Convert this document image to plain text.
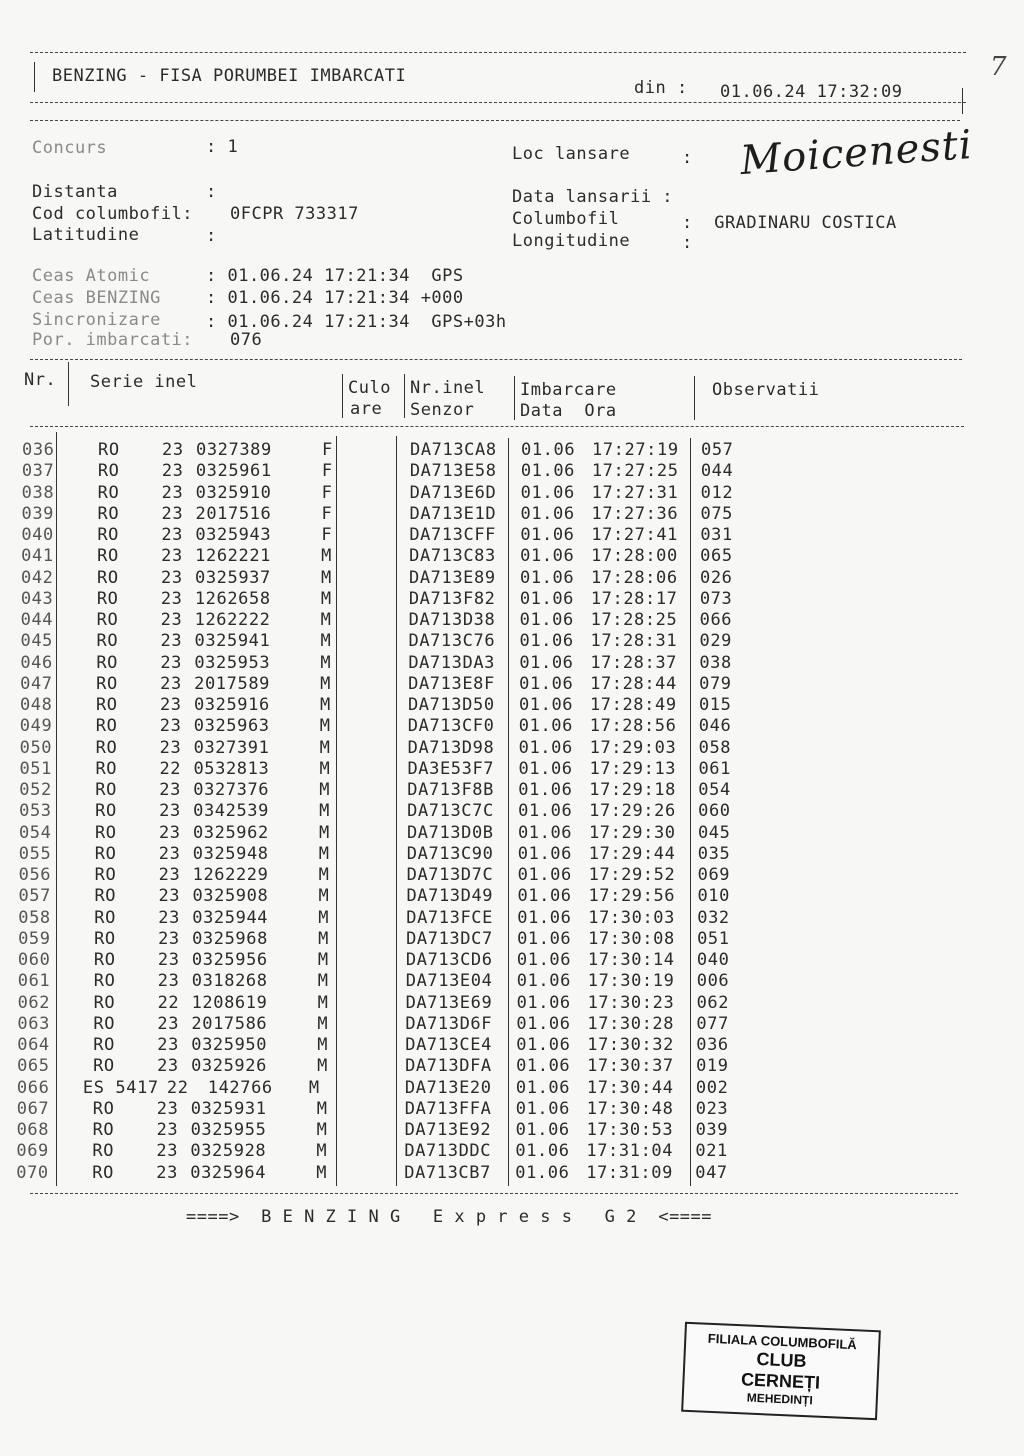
BENZING - FISA PORUMBEI IMBARCATI
din : 01.06.24 17:32:09
7
Concurs	: 1	Loc lansare	: Moicenesti
Distanta	:	Data lansarii :
Cod columbofil: 0FCPR 733317	Columbofil	:  GRADINARU COSTICA
Latitudine	:	Longitudine	:
Ceas Atomic	: 01.06.24 17:21:34  GPS
Ceas BENZING	: 01.06.24 17:21:34 +000
Sincronizare	: 01.06.24 17:21:34  GPS+03h
Por. imbarcati: 076
Nr. Serie inel	Culo
are
Nr.inel
Senzor
Imbarcare
Data  Ora
Observatii
036	RO 23 0327389	F	DA713CA8 01.06 17:27:19 057
037	RO 23 0325961	F	DA713E58 01.06 17:27:25 044
038	RO 23 0325910	F	DA713E6D 01.06 17:27:31 012
039	RO 23 2017516	F	DA713E1D 01.06 17:27:36 075
040	RO 23 0325943	F	DA713CFF 01.06 17:27:41 031
041	RO 23 1262221	M	DA713C83 01.06 17:28:00 065
042	RO 23 0325937	M	DA713E89 01.06 17:28:06 026
043	RO 23 1262658	M	DA713F82 01.06 17:28:17 073
044	RO 23 1262222	M	DA713D38 01.06 17:28:25 066
045	RO 23 0325941	M	DA713C76 01.06 17:28:31 029
046	RO 23 0325953	M	DA713DA3 01.06 17:28:37 038
047	RO 23 2017589	M	DA713E8F 01.06 17:28:44 079
048	RO 23 0325916	M	DA713D50 01.06 17:28:49 015
049	RO 23 0325963	M	DA713CF0 01.06 17:28:56 046
050	RO 23 0327391	M	DA713D98 01.06 17:29:03 058
051	RO 22 0532813	M	DA3E53F7 01.06 17:29:13 061
052	RO 23 0327376	M	DA713F8B 01.06 17:29:18 054
053	RO 23 0342539	M	DA713C7C 01.06 17:29:26 060
054	RO 23 0325962	M	DA713D0B 01.06 17:29:30 045
055	RO 23 0325948	M	DA713C90 01.06 17:29:44 035
056	RO 23 1262229	M	DA713D7C 01.06 17:29:52 069
057	RO 23 0325908	M	DA713D49 01.06 17:29:56 010
058	RO 23 0325944	M	DA713FCE 01.06 17:30:03 032
059	RO 23 0325968	M	DA713DC7 01.06 17:30:08 051
060	RO 23 0325956	M	DA713CD6 01.06 17:30:14 040
061	RO 23 0318268	M	DA713E04 01.06 17:30:19 006
062	RO 22 1208619	M	DA713E69 01.06 17:30:23 062
063	RO 23 2017586	M	DA713D6F 01.06 17:30:28 077
064	RO 23 0325950	M	DA713CE4 01.06 17:30:32 036
065	RO 23 0325926	M	DA713DFA 01.06 17:30:37 019
066 ES 5417 22 142766 M	DA713E20 01.06 17:30:44 002
067	RO 23 0325931	M	DA713FFA 01.06 17:30:48 023
068	RO 23 0325955	M	DA713E92 01.06 17:30:53 039
069	RO 23 0325928	M	DA713DDC 01.06 17:31:04 021
070	RO 23 0325964	M	DA713CB7 01.06 17:31:09 047
====>  B E N Z I N G   E x p r e s s   G 2  <====
FILIALA COLUMBOFILĂ
CLUB
CERNEȚI
MEHEDINȚI
